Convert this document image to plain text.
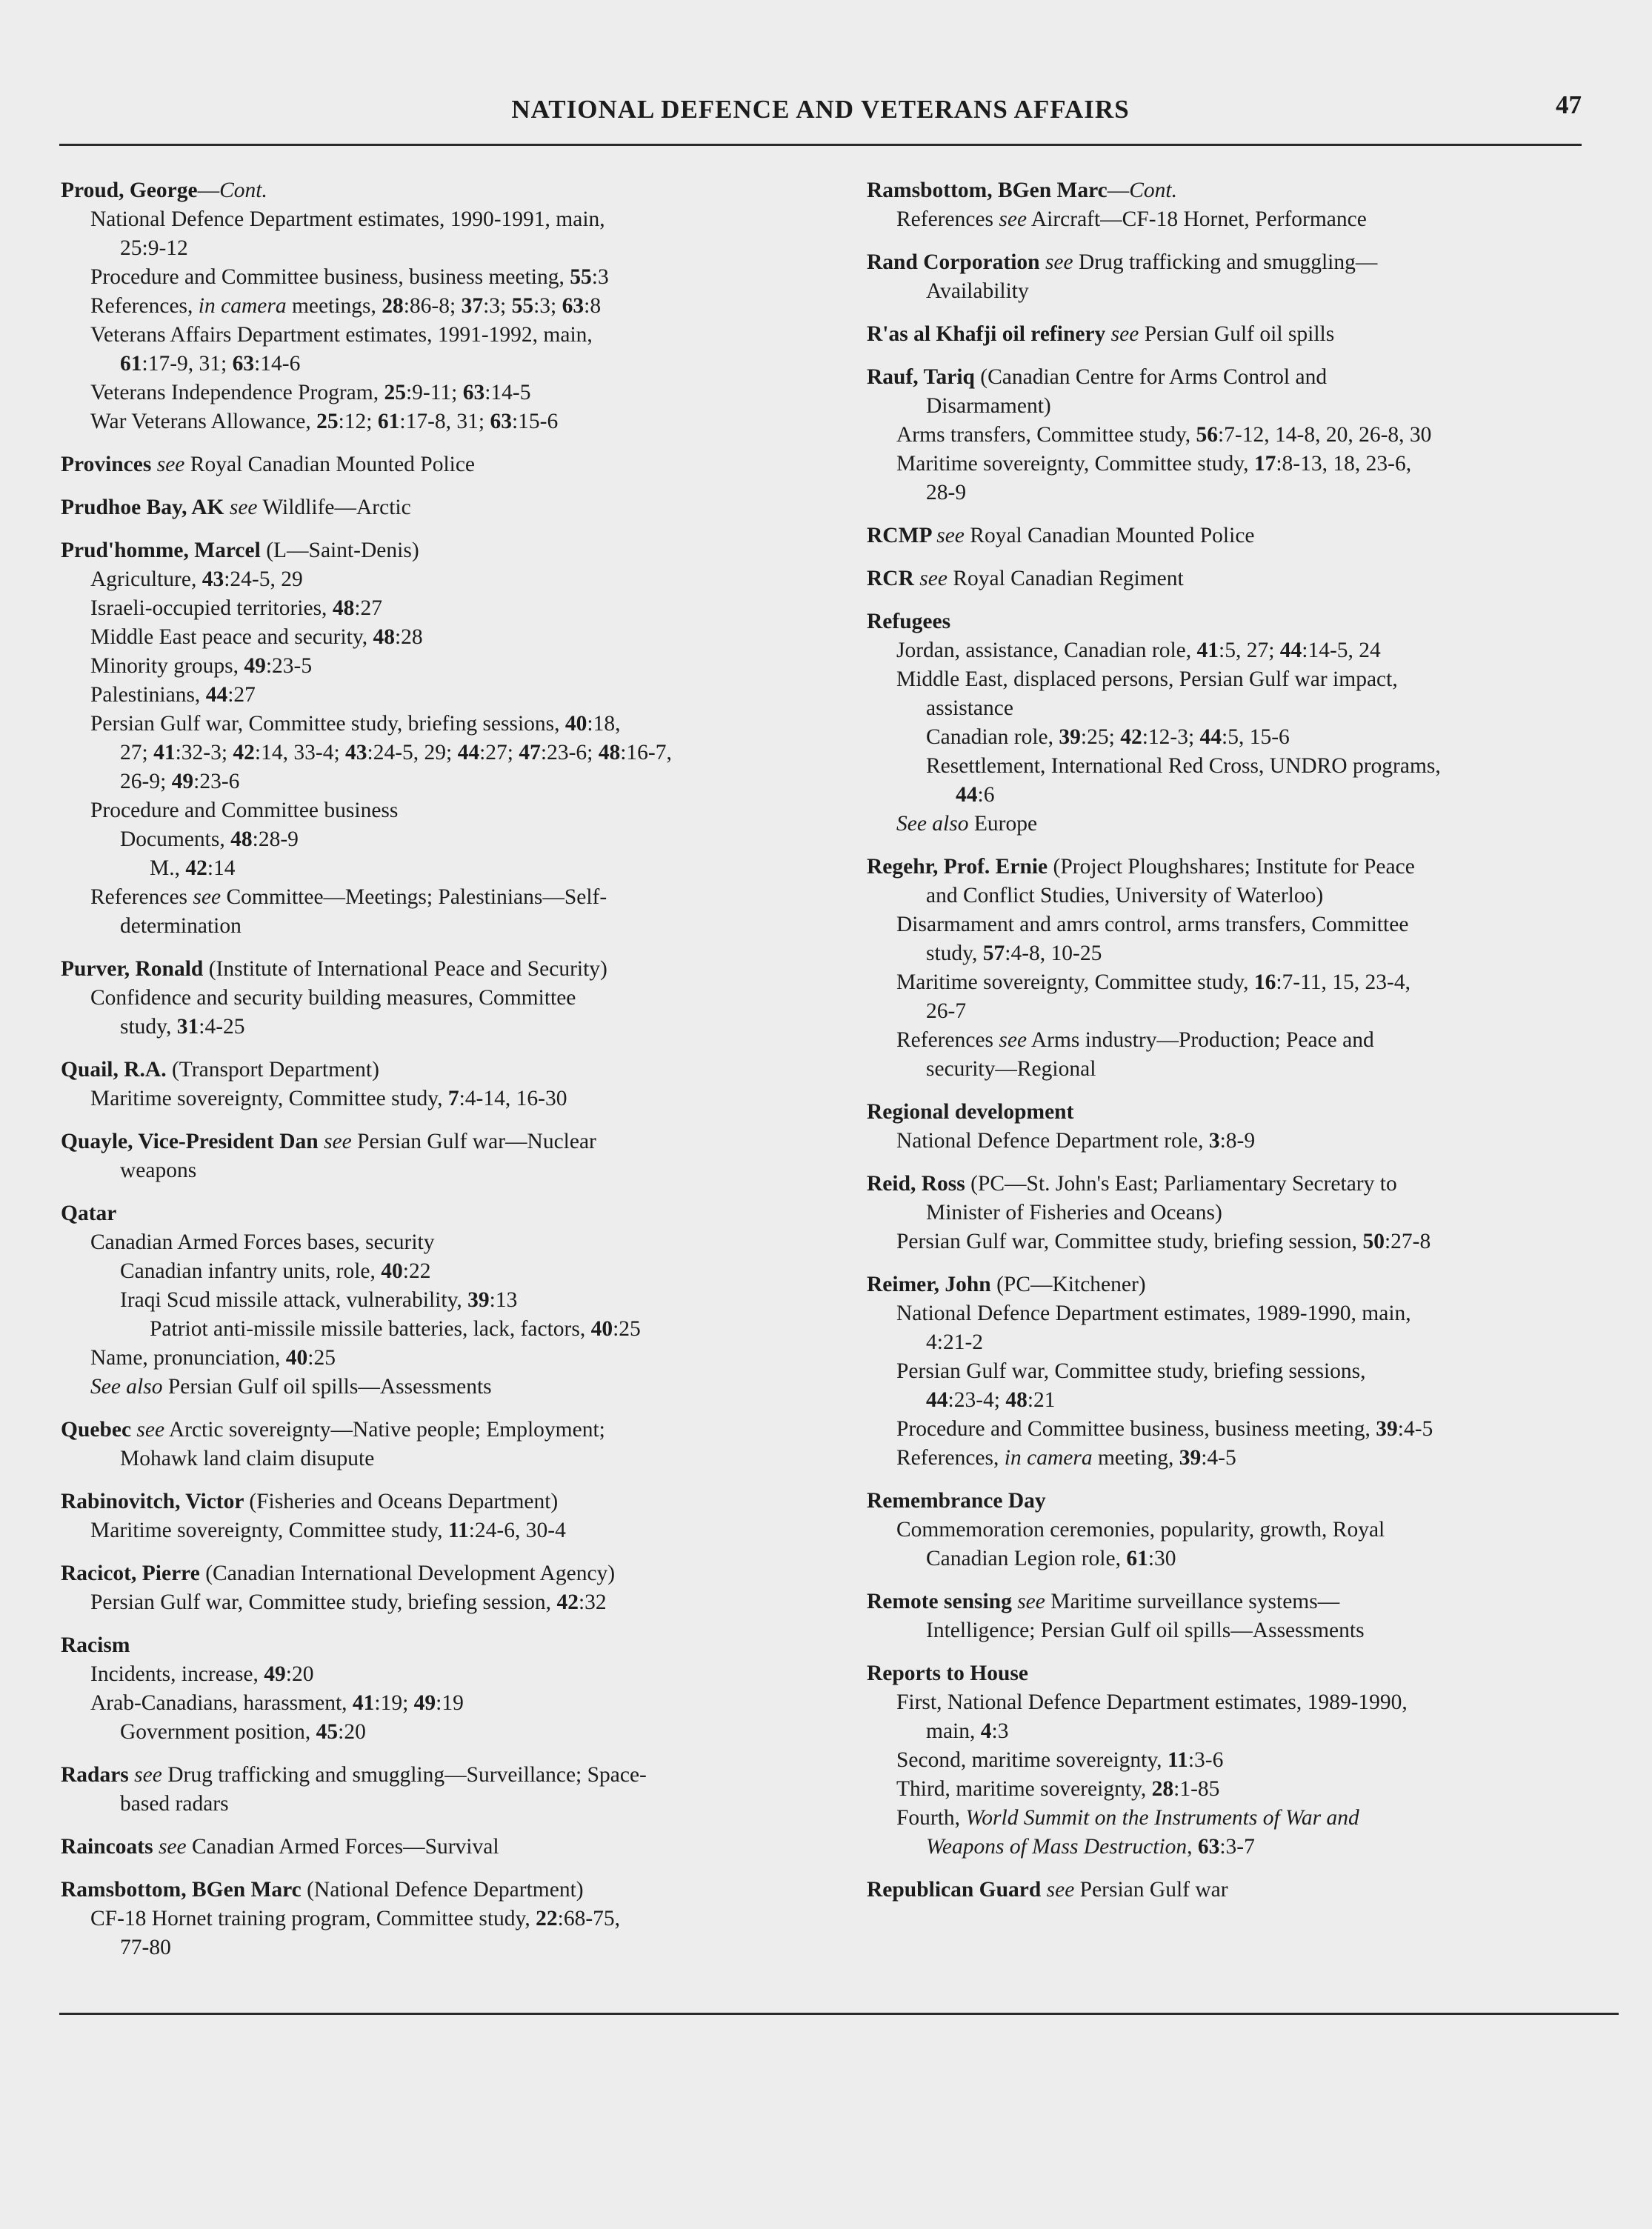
NATIONAL DEFENCE AND VETERANS AFFAIRS	47
Proud, George—Cont.
National Defence Department estimates, 1990-1991, main,
25:9-12
Procedure and Committee business, business meeting, 55:3
References, in camera meetings, 28:86-8; 37:3; 55:3; 63:8
Veterans Affairs Department estimates, 1991-1992, main,
61:17-9, 31; 63:14-6
Veterans Independence Program, 25:9-11; 63:14-5
War Veterans Allowance, 25:12; 61:17-8, 31; 63:15-6
Provinces see Royal Canadian Mounted Police
Prudhoe Bay, AK see Wildlife—Arctic
Prud'homme, Marcel (L—Saint-Denis)
Agriculture, 43:24-5, 29
Israeli-occupied territories, 48:27
Middle East peace and security, 48:28
Minority groups, 49:23-5
Palestinians, 44:27
Persian Gulf war, Committee study, briefing sessions, 40:18,
27; 41:32-3; 42:14, 33-4; 43:24-5, 29; 44:27; 47:23-6; 48:16-7,
26-9; 49:23-6
Procedure and Committee business
Documents, 48:28-9
M., 42:14
References see Committee—Meetings; Palestinians—Self-
determination
Purver, Ronald (Institute of International Peace and Security)
Confidence and security building measures, Committee
study, 31:4-25
Quail, R.A. (Transport Department)
Maritime sovereignty, Committee study, 7:4-14, 16-30
Quayle, Vice-President Dan see Persian Gulf war—Nuclear
weapons
Qatar
Canadian Armed Forces bases, security
Canadian infantry units, role, 40:22
Iraqi Scud missile attack, vulnerability, 39:13
Patriot anti-missile missile batteries, lack, factors, 40:25
Name, pronunciation, 40:25
See also Persian Gulf oil spills—Assessments
Quebec see Arctic sovereignty—Native people; Employment;
Mohawk land claim disupute
Rabinovitch, Victor (Fisheries and Oceans Department)
Maritime sovereignty, Committee study, 11:24-6, 30-4
Racicot, Pierre (Canadian International Development Agency)
Persian Gulf war, Committee study, briefing session, 42:32
Racism
Incidents, increase, 49:20
Arab-Canadians, harassment, 41:19; 49:19
Government position, 45:20
Radars see Drug trafficking and smuggling—Surveillance; Space-
based radars
Raincoats see Canadian Armed Forces—Survival
Ramsbottom, BGen Marc (National Defence Department)
CF-18 Hornet training program, Committee study, 22:68-75,
77-80
Ramsbottom, BGen Marc—Cont.
References see Aircraft—CF-18 Hornet, Performance
Rand Corporation see Drug trafficking and smuggling—
Availability
R'as al Khafji oil refinery see Persian Gulf oil spills
Rauf, Tariq (Canadian Centre for Arms Control and
Disarmament)
Arms transfers, Committee study, 56:7-12, 14-8, 20, 26-8, 30
Maritime sovereignty, Committee study, 17:8-13, 18, 23-6,
28-9
RCMP see Royal Canadian Mounted Police
RCR see Royal Canadian Regiment
Refugees
Jordan, assistance, Canadian role, 41:5, 27; 44:14-5, 24
Middle East, displaced persons, Persian Gulf war impact,
assistance
Canadian role, 39:25; 42:12-3; 44:5, 15-6
Resettlement, International Red Cross, UNDRO programs,
44:6
See also Europe
Regehr, Prof. Ernie (Project Ploughshares; Institute for Peace
and Conflict Studies, University of Waterloo)
Disarmament and amrs control, arms transfers, Committee
study, 57:4-8, 10-25
Maritime sovereignty, Committee study, 16:7-11, 15, 23-4,
26-7
References see Arms industry—Production; Peace and
security—Regional
Regional development
National Defence Department role, 3:8-9
Reid, Ross (PC—St. John's East; Parliamentary Secretary to
Minister of Fisheries and Oceans)
Persian Gulf war, Committee study, briefing session, 50:27-8
Reimer, John (PC—Kitchener)
National Defence Department estimates, 1989-1990, main,
4:21-2
Persian Gulf war, Committee study, briefing sessions,
44:23-4; 48:21
Procedure and Committee business, business meeting, 39:4-5
References, in camera meeting, 39:4-5
Remembrance Day
Commemoration ceremonies, popularity, growth, Royal
Canadian Legion role, 61:30
Remote sensing see Maritime surveillance systems—
Intelligence; Persian Gulf oil spills—Assessments
Reports to House
First, National Defence Department estimates, 1989-1990,
main, 4:3
Second, maritime sovereignty, 11:3-6
Third, maritime sovereignty, 28:1-85
Fourth, World Summit on the Instruments of War and
Weapons of Mass Destruction, 63:3-7
Republican Guard see Persian Gulf war
